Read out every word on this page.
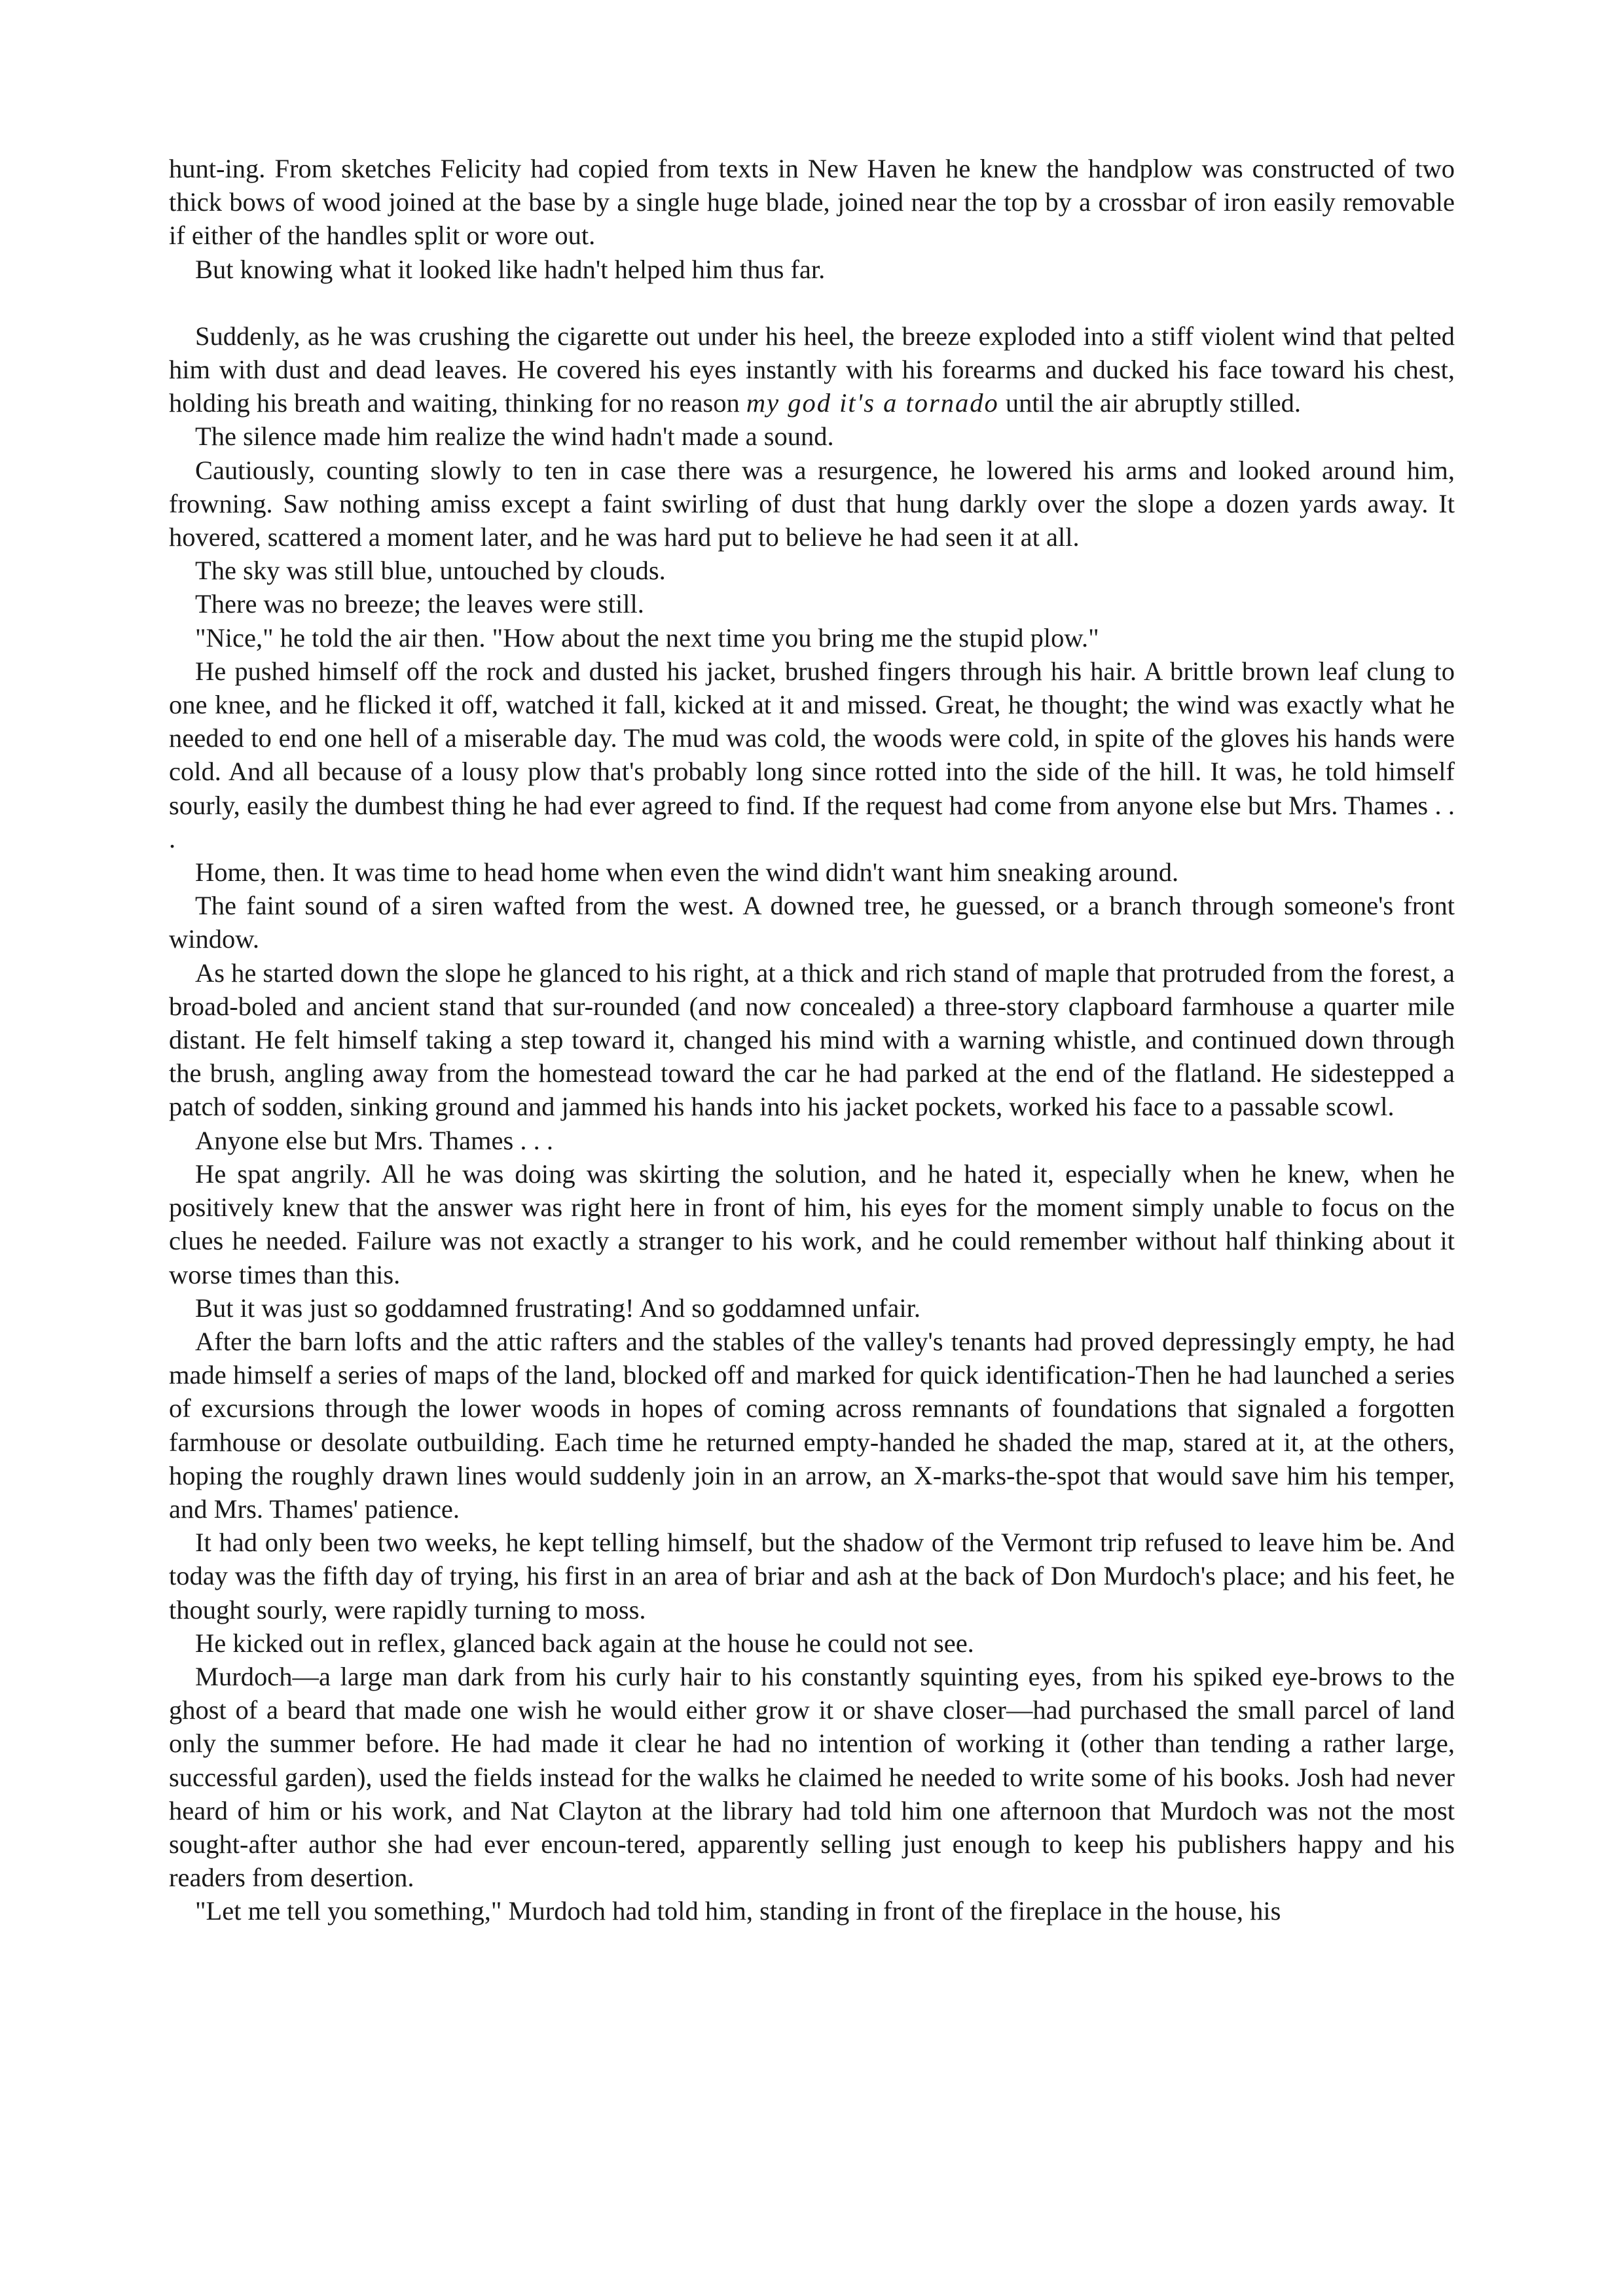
hunt-ing. From sketches Felicity had copied from texts in New Haven he knew the handplow was constructed of two thick bows of wood joined at the base by a single huge blade, joined near the top by a crossbar of iron easily removable if either of the handles split or wore out.

But knowing what it looked like hadn't helped him thus far.

Suddenly, as he was crushing the cigarette out under his heel, the breeze exploded into a stiff violent wind that pelted him with dust and dead leaves. He covered his eyes instantly with his forearms and ducked his face toward his chest, holding his breath and waiting, thinking for no reason my god it's a tornado until the air abruptly stilled.

The silence made him realize the wind hadn't made a sound.

Cautiously, counting slowly to ten in case there was a resurgence, he lowered his arms and looked around him, frowning. Saw nothing amiss except a faint swirling of dust that hung darkly over the slope a dozen yards away. It hovered, scattered a moment later, and he was hard put to believe he had seen it at all.

The sky was still blue, untouched by clouds.

There was no breeze; the leaves were still.

"Nice," he told the air then. "How about the next time you bring me the stupid plow."

He pushed himself off the rock and dusted his jacket, brushed fingers through his hair. A brittle brown leaf clung to one knee, and he flicked it off, watched it fall, kicked at it and missed. Great, he thought; the wind was exactly what he needed to end one hell of a miserable day. The mud was cold, the woods were cold, in spite of the gloves his hands were cold. And all because of a lousy plow that's probably long since rotted into the side of the hill. It was, he told himself sourly, easily the dumbest thing he had ever agreed to find. If the request had come from anyone else but Mrs. Thames . . .

Home, then. It was time to head home when even the wind didn't want him sneaking around.

The faint sound of a siren wafted from the west. A downed tree, he guessed, or a branch through someone's front window.

As he started down the slope he glanced to his right, at a thick and rich stand of maple that protruded from the forest, a broad-boled and ancient stand that sur-rounded (and now concealed) a three-story clapboard farmhouse a quarter mile distant. He felt himself taking a step toward it, changed his mind with a warning whistle, and continued down through the brush, angling away from the homestead toward the car he had parked at the end of the flatland. He sidestepped a patch of sodden, sinking ground and jammed his hands into his jacket pockets, worked his face to a passable scowl.

Anyone else but Mrs. Thames . . .

He spat angrily. All he was doing was skirting the solution, and he hated it, especially when he knew, when he positively knew that the answer was right here in front of him, his eyes for the moment simply unable to focus on the clues he needed. Failure was not exactly a stranger to his work, and he could remember without half thinking about it worse times than this.

But it was just so goddamned frustrating! And so goddamned unfair.

After the barn lofts and the attic rafters and the stables of the valley's tenants had proved depressingly empty, he had made himself a series of maps of the land, blocked off and marked for quick identification-Then he had launched a series of excursions through the lower woods in hopes of coming across remnants of foundations that signaled a forgotten farmhouse or desolate outbuilding. Each time he returned empty-handed he shaded the map, stared at it, at the others, hoping the roughly drawn lines would suddenly join in an arrow, an X-marks-the-spot that would save him his temper, and Mrs. Thames' patience.

It had only been two weeks, he kept telling himself, but the shadow of the Vermont trip refused to leave him be. And today was the fifth day of trying, his first in an area of briar and ash at the back of Don Murdoch's place; and his feet, he thought sourly, were rapidly turning to moss.

He kicked out in reflex, glanced back again at the house he could not see.

Murdoch—a large man dark from his curly hair to his constantly squinting eyes, from his spiked eye-brows to the ghost of a beard that made one wish he would either grow it or shave closer—had purchased the small parcel of land only the summer before. He had made it clear he had no intention of working it (other than tending a rather large, successful garden), used the fields instead for the walks he claimed he needed to write some of his books. Josh had never heard of him or his work, and Nat Clayton at the library had told him one afternoon that Murdoch was not the most sought-after author she had ever encoun-tered, apparently selling just enough to keep his publishers happy and his readers from desertion.

"Let me tell you something," Murdoch had told him, standing in front of the fireplace in the house, his
